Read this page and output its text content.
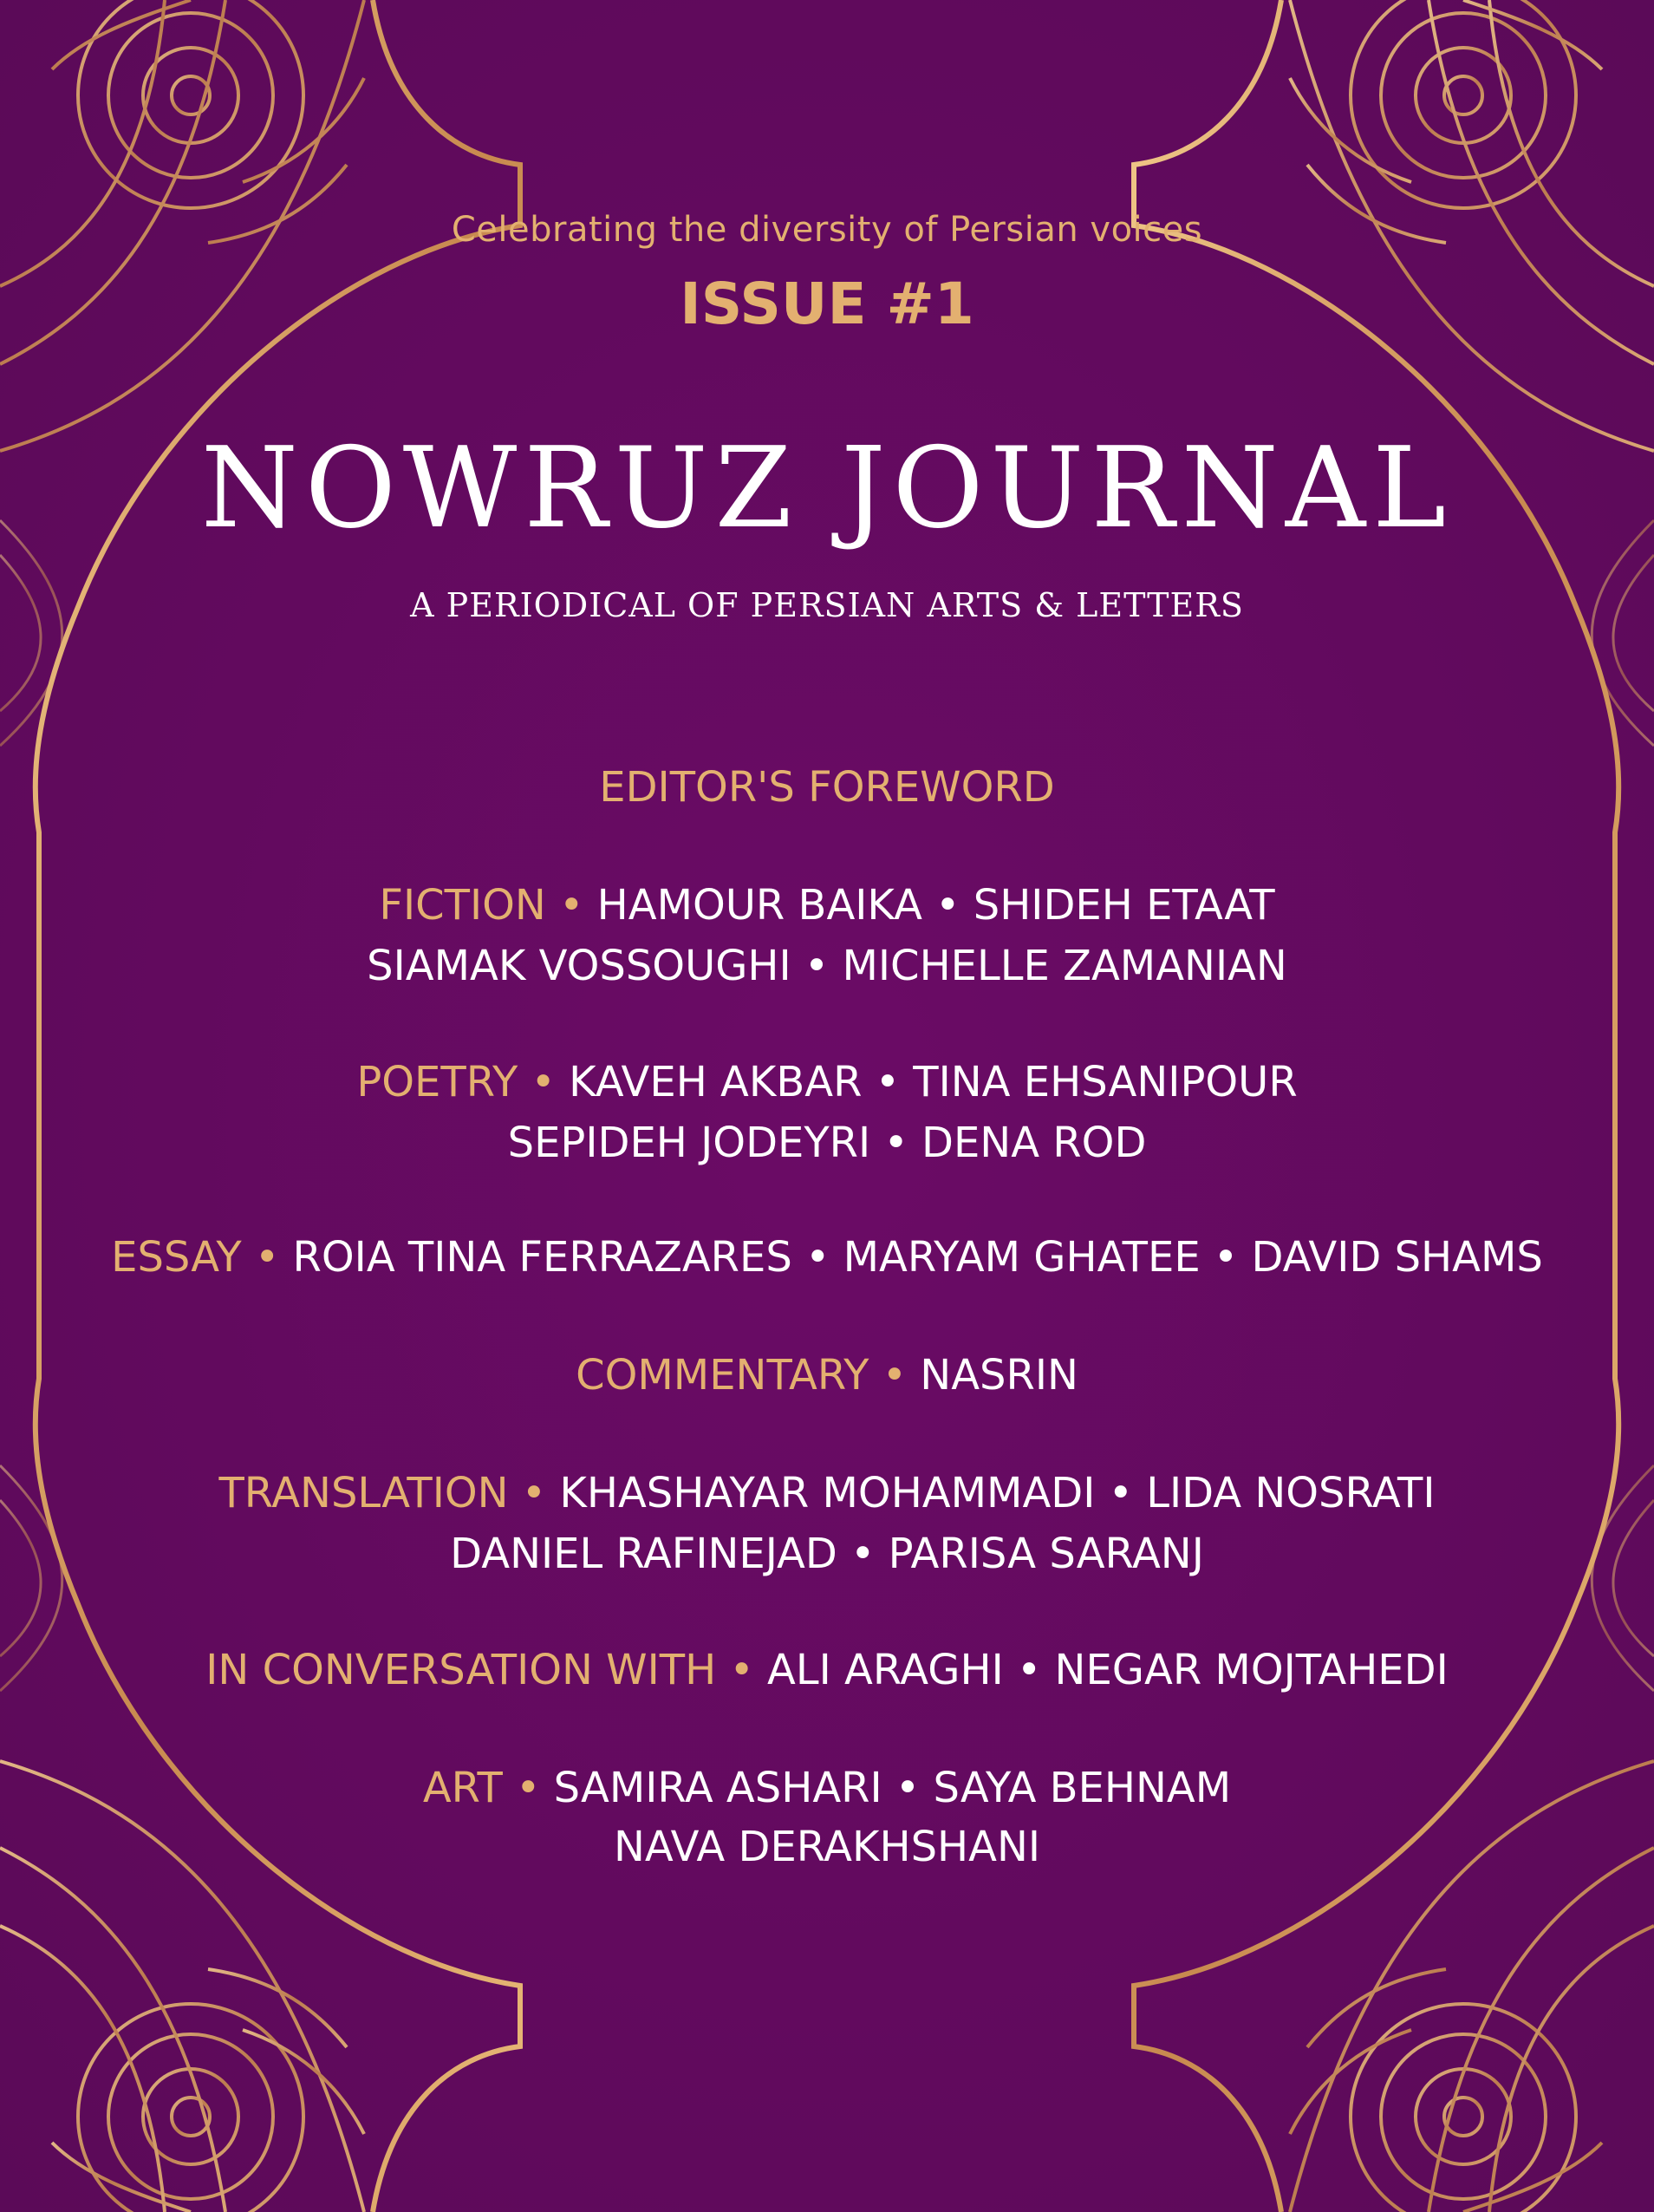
Celebrating the diversity of Persian voices
ISSUE #1
NOWRUZ JOURNAL
A PERIODICAL OF PERSIAN ARTS & LETTERS
EDITOR'S FOREWORD
FICTION • HAMOUR BAIKA • SHIDEH ETAAT
SIAMAK VOSSOUGHI • MICHELLE ZAMANIAN
POETRY • KAVEH AKBAR • TINA EHSANIPOUR
SEPIDEH JODEYRI • DENA ROD
ESSAY • ROIA TINA FERRAZARES • MARYAM GHATEE • DAVID SHAMS
COMMENTARY • NASRIN
TRANSLATION • KHASHAYAR MOHAMMADI • LIDA NOSRATI
DANIEL RAFINEJAD • PARISA SARANJ
IN CONVERSATION WITH • ALI ARAGHI • NEGAR MOJTAHEDI
ART • SAMIRA ASHARI • SAYA BEHNAM
NAVA DERAKHSHANI
